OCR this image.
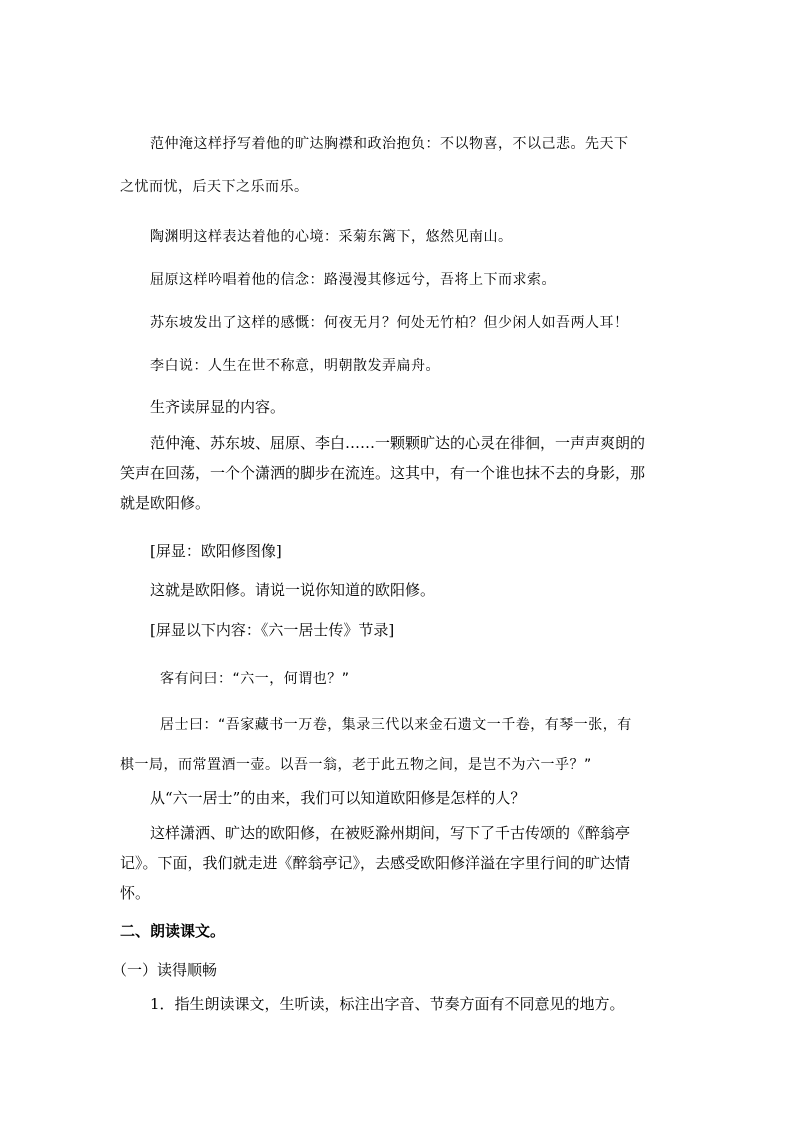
范仲淹这样抒写着他的旷达胸襟和政治抱负：不以物喜，不以己悲。先天下
之忧而忧，后天下之乐而乐。
陶渊明这样表达着他的心境：采菊东篱下，悠然见南山。
屈原这样吟唱着他的信念：路漫漫其修远兮，吾将上下而求索。
苏东坡发出了这样的感慨：何夜无月？何处无竹柏？但少闲人如吾两人耳！
李白说：人生在世不称意，明朝散发弄扁舟。
生齐读屏显的内容。
范仲淹、苏东坡、屈原、李白……一颗颗旷达的心灵在徘徊，一声声爽朗的
笑声在回荡，一个个潇洒的脚步在流连。这其中，有一个谁也抹不去的身影，那
就是欧阳修。
[屏显：欧阳修图像]
这就是欧阳修。请说一说你知道的欧阳修。
[屏显以下内容：《六一居士传》节录]
客有问曰：“六一，何谓也？”
居士曰：“吾家藏书一万卷，集录三代以来金石遗文一千卷，有琴一张，有
棋一局，而常置酒一壶。以吾一翁，老于此五物之间，是岂不为六一乎？”
从“六一居士”的由来，我们可以知道欧阳修是怎样的人？
这样潇洒、旷达的欧阳修，在被贬滁州期间，写下了千古传颂的《醉翁亭
记》。下面，我们就走进《醉翁亭记》，去感受欧阳修洋溢在字里行间的旷达情
怀。
二、朗读课文。
（一）读得顺畅
1．指生朗读课文，生听读，标注出字音、节奏方面有不同意见的地方。
